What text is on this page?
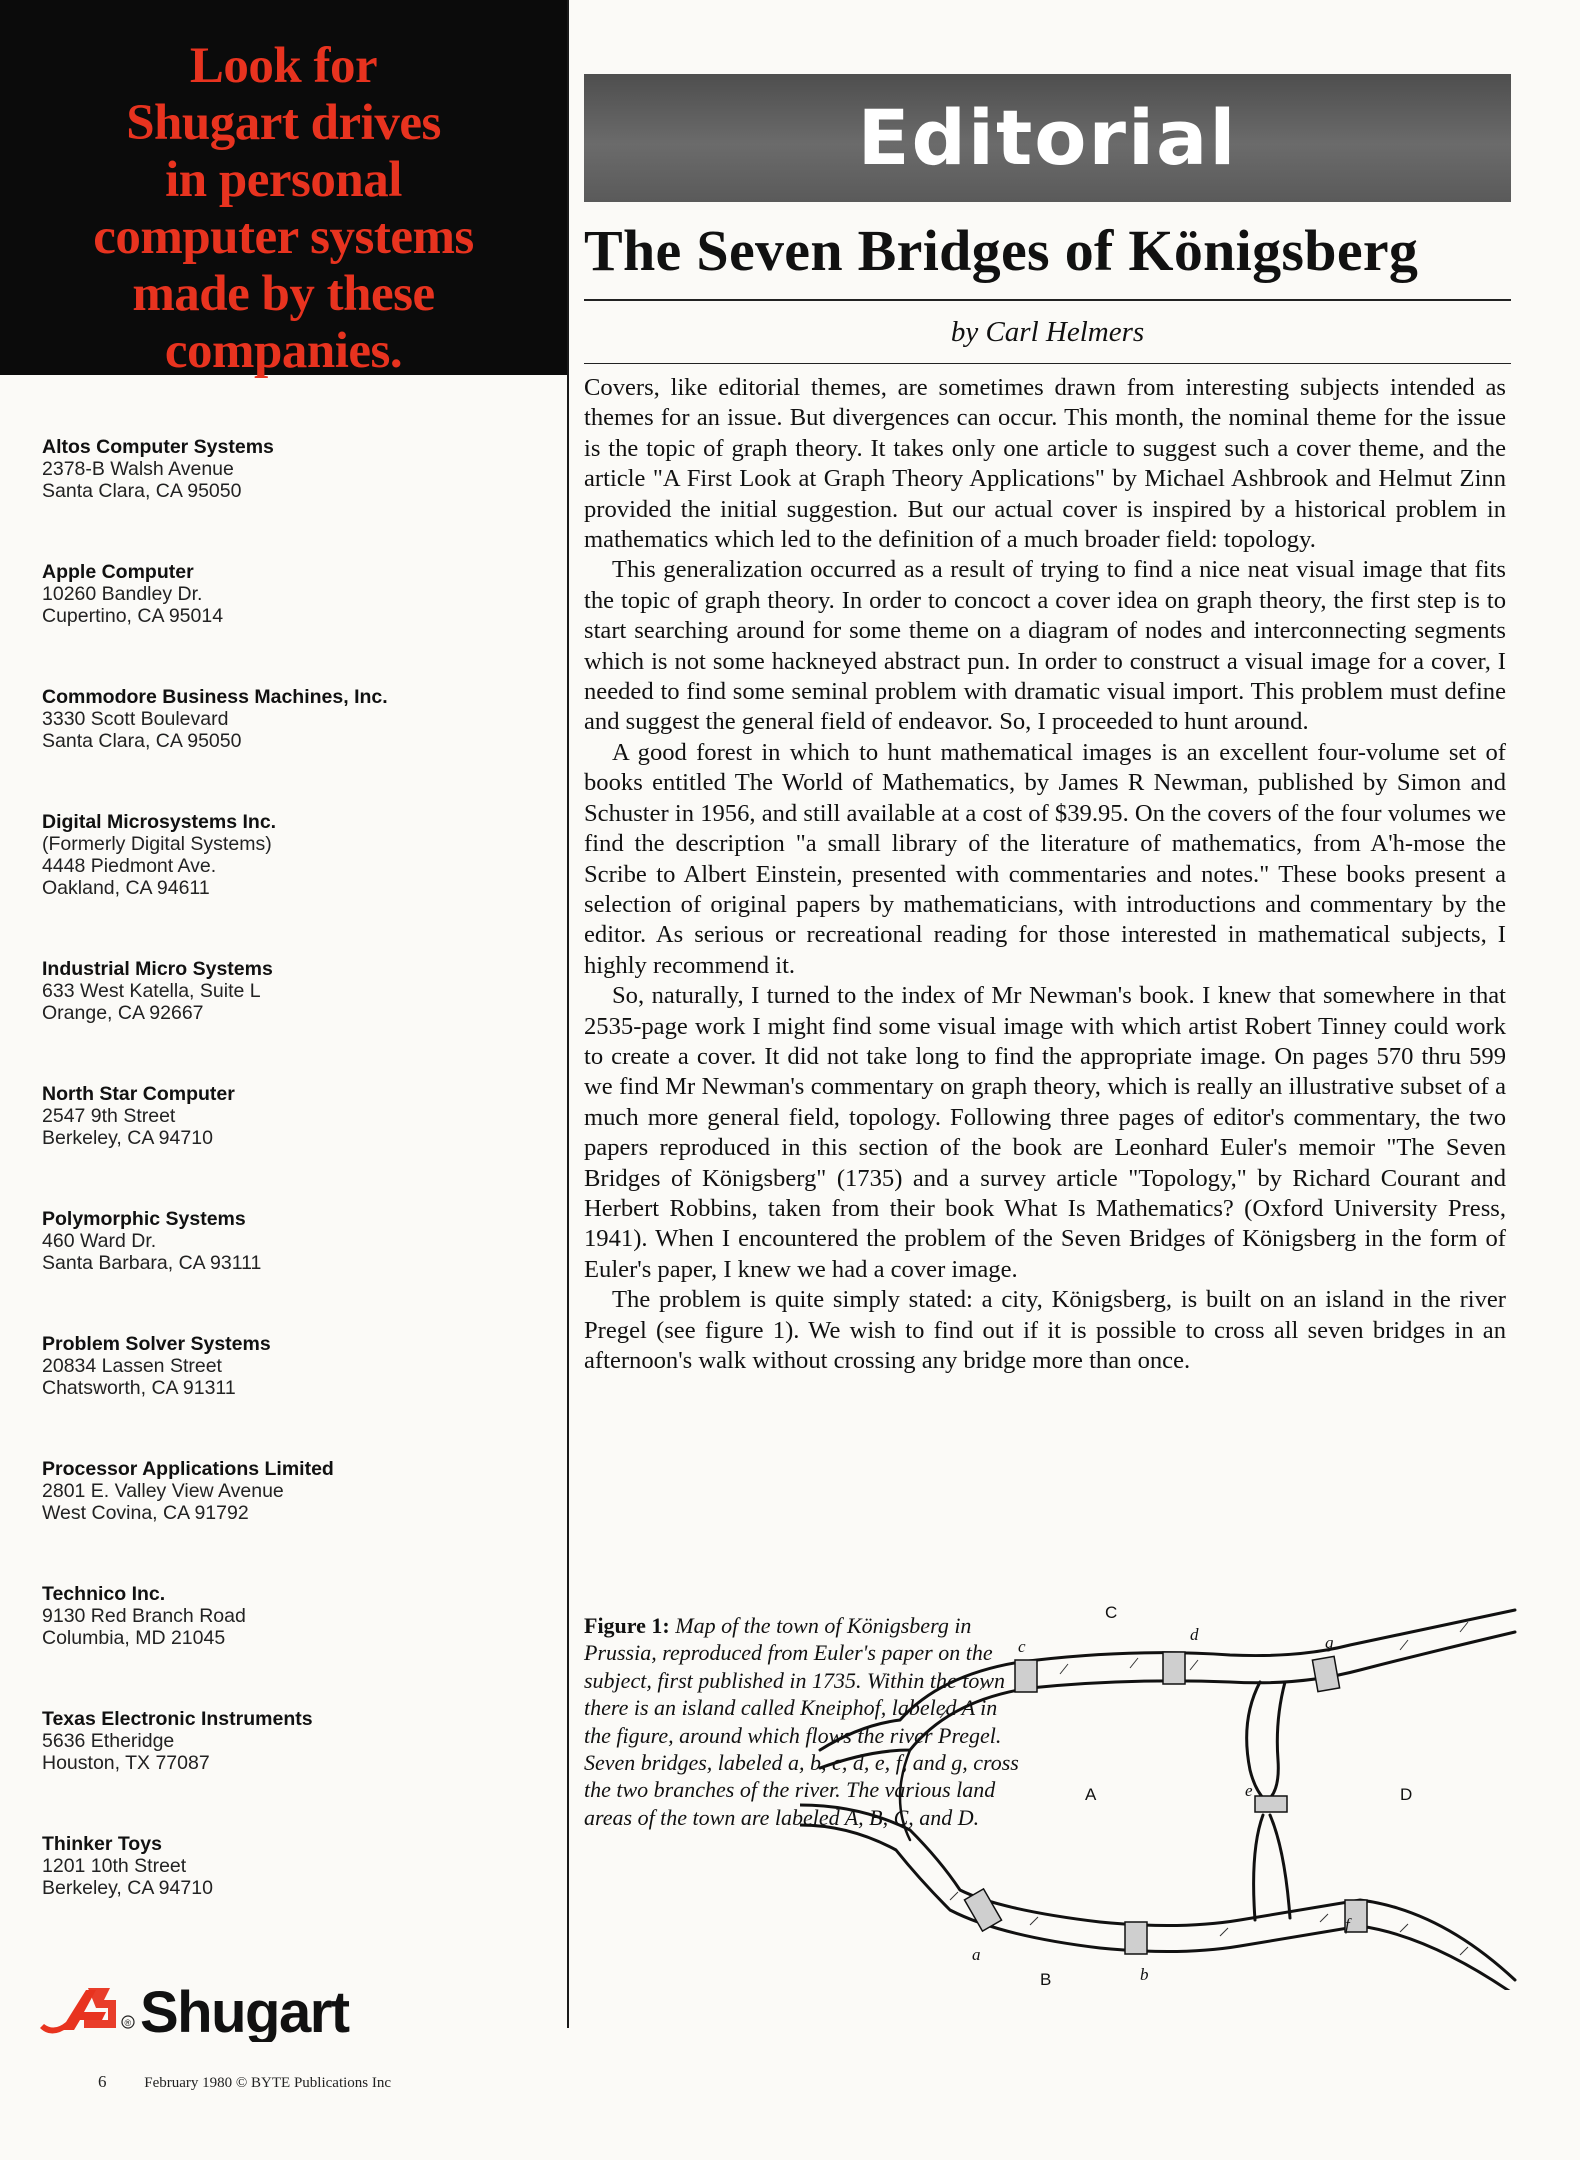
Look for
Shugart drives
in personal
computer systems
made by these
companies.
Altos Computer Systems
2378-B Walsh Avenue
Santa Clara, CA 95050
Apple Computer
10260 Bandley Dr.
Cupertino, CA 95014
Commodore Business Machines, Inc.
3330 Scott Boulevard
Santa Clara, CA 95050
Digital Microsystems Inc.
(Formerly Digital Systems)
4448 Piedmont Ave.
Oakland, CA 94611
Industrial Micro Systems
633 West Katella, Suite L
Orange, CA 92667
North Star Computer
2547 9th Street
Berkeley, CA 94710
Polymorphic Systems
460 Ward Dr.
Santa Barbara, CA 93111
Problem Solver Systems
20834 Lassen Street
Chatsworth, CA 91311
Processor Applications Limited
2801 E. Valley View Avenue
West Covina, CA 91792
Technico Inc.
9130 Red Branch Road
Columbia, MD 21045
Texas Electronic Instruments
5636 Etheridge
Houston, TX 77087
Thinker Toys
1201 10th Street
Berkeley, CA 94710
® Shugart
6	February 1980 © BYTE Publications Inc
Editorial
The Seven Bridges of Königsberg
by Carl Helmers

Covers, like editorial themes, are sometimes drawn from interesting subjects intended as themes for an issue. But divergences can occur. This month, the nominal theme for the issue is the topic of graph theory. It takes only one article to suggest such a cover theme, and the article "A First Look at Graph Theory Applications" by Michael Ashbrook and Helmut Zinn provided the initial suggestion. But our actual cover is inspired by a historical problem in mathematics which led to the definition of a much broader field: topology.

This generalization occurred as a result of trying to find a nice neat visual image that fits the topic of graph theory. In order to concoct a cover idea on graph theory, the first step is to start searching around for some theme on a diagram of nodes and interconnecting segments which is not some hackneyed abstract pun. In order to construct a visual image for a cover, I needed to find some seminal problem with dramatic visual import. This problem must define and suggest the general field of endeavor. So, I proceeded to hunt around.

A good forest in which to hunt mathematical images is an excellent four-volume set of books entitled The World of Mathematics, by James R Newman, published by Simon and Schuster in 1956, and still available at a cost of $39.95. On the covers of the four volumes we find the description "a small library of the literature of mathematics, from A'h-mose the Scribe to Albert Einstein, presented with commentaries and notes." These books present a selection of original papers by mathematicians, with introductions and commentary by the editor. As serious or recreational reading for those interested in mathematical subjects, I highly recommend it.

So, naturally, I turned to the index of Mr Newman's book. I knew that somewhere in that 2535-page work I might find some visual image with which artist Robert Tinney could work to create a cover. It did not take long to find the appropriate image. On pages 570 thru 599 we find Mr Newman's commentary on graph theory, which is really an illustrative subset of a much more general field, topology. Following three pages of editor's commentary, the two papers reproduced in this section of the book are Leonhard Euler's memoir "The Seven Bridges of Königsberg" (1735) and a survey article "Topology," by Richard Courant and Herbert Robbins, taken from their book What Is Mathematics? (Oxford University Press, 1941). When I encountered the problem of the Seven Bridges of Königsberg in the form of Euler's paper, I knew we had a cover image.

The problem is quite simply stated: a city, Königsberg, is built on an island in the river Pregel (see figure 1). We wish to find out if it is possible to cross all seven bridges in an afternoon's walk without crossing any bridge more than once.

Figure 1: Map of the town of Königsberg in Prussia, reproduced from Euler's paper on the subject, first published in 1735. Within the town there is an island called Kneiphof, labeled A in the figure, around which flows the river Pregel. Seven bridges, labeled a, b, c, d, e, f, and g, cross the two branches of the river. The various land areas of the town are labeled A, B, C, and D.
A
B
C
D
a
b
c
d
e
f
g
